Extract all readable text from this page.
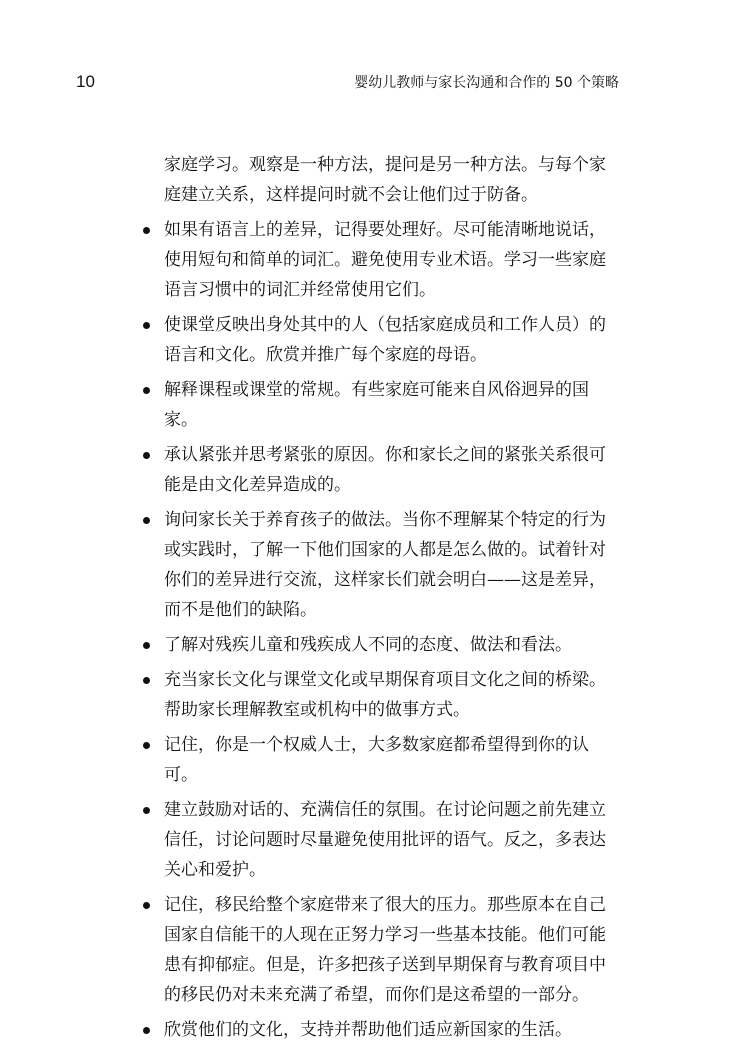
10	婴幼儿教师与家长沟通和合作的 50 个策略

家庭学习。观察是一种方法，提问是另一种方法。与每个家庭建立关系，这样提问时就不会让他们过于防备。

如果有语言上的差异，记得要处理好。尽可能清晰地说话，使用短句和简单的词汇。避免使用专业术语。学习一些家庭语言习惯中的词汇并经常使用它们。
使课堂反映出身处其中的人（包括家庭成员和工作人员）的语言和文化。欣赏并推广每个家庭的母语。
解释课程或课堂的常规。有些家庭可能来自风俗迥异的国家。
承认紧张并思考紧张的原因。你和家长之间的紧张关系很可能是由文化差异造成的。
询问家长关于养育孩子的做法。当你不理解某个特定的行为或实践时，了解一下他们国家的人都是怎么做的。试着针对你们的差异进行交流，这样家长们就会明白——这是差异，而不是他们的缺陷。
了解对残疾儿童和残疾成人不同的态度、做法和看法。
充当家长文化与课堂文化或早期保育项目文化之间的桥梁。帮助家长理解教室或机构中的做事方式。
记住，你是一个权威人士，大多数家庭都希望得到你的认可。
建立鼓励对话的、充满信任的氛围。在讨论问题之前先建立信任，讨论问题时尽量避免使用批评的语气。反之，多表达关心和爱护。
记住，移民给整个家庭带来了很大的压力。那些原本在自己国家自信能干的人现在正努力学习一些基本技能。他们可能患有抑郁症。但是，许多把孩子送到早期保育与教育项目中的移民仍对未来充满了希望，而你们是这希望的一部分。
欣赏他们的文化，支持并帮助他们适应新国家的生活。
